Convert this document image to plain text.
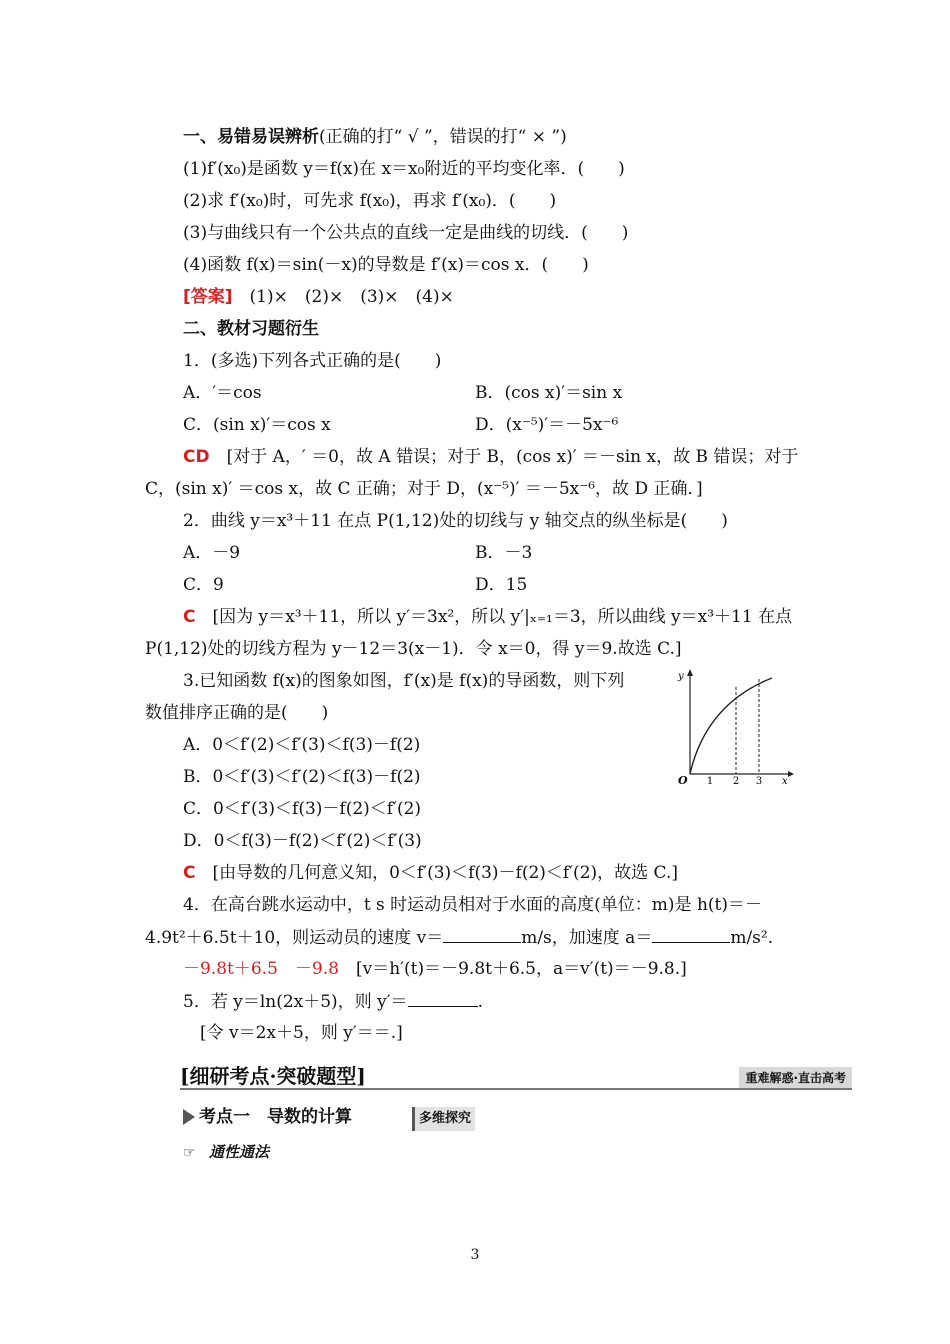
一、易错易误辨析(正确的打“ √ ”，错误的打“ × ”)
(1)f′(x₀)是函数 y＝f(x)在 x＝x₀附近的平均变化率．(　　)
(2)求 f′(x₀)时，可先求 f(x₀)，再求 f′(x₀)．(　　)
(3)与曲线只有一个公共点的直线一定是曲线的切线．(　　)
(4)函数 f(x)＝sin(－x)的导数是 f′(x)＝cos x．(　　)
[答案]　 (1)×　(2)×　(3)×　(4)×
二、教材习题衍生
1．(多选)下列各式正确的是(　　)
A．′＝cos	B．(cos x)′＝sin x
C．(sin x)′＝cos x	D．(x⁻⁵)′＝－5x⁻⁶
CD　 [对于 A，′ ＝0，故 A 错误；对于 B，(cos x)′ ＝－sin x，故 B 错误；对于
C，(sin x)′ ＝cos x，故 C 正确；对于 D，(x⁻⁵)′ ＝－5x⁻⁶，故 D 正确．]
2．曲线 y＝x³＋11 在点 P(1,12)处的切线与 y 轴交点的纵坐标是(　　)
A．－9	B．－3
C．9	D．15
C　 [因为 y＝x³＋11，所以 y′＝3x²，所以 y′|ₓ₌₁＝3，所以曲线 y＝x³＋11 在点
P(1,12)处的切线方程为 y－12＝3(x－1)．令 x＝0，得 y＝9.故选 C.]
3.已知函数 f(x)的图象如图，f′(x)是 f(x)的导函数，则下列
数值排序正确的是(　　)
A．0＜f′(2)＜f′(3)＜f(3)－f(2)
B．0＜f′(3)＜f′(2)＜f(3)－f(2)
C．0＜f′(3)＜f(3)－f(2)＜f′(2)
D．0＜f(3)－f(2)＜f′(2)＜f′(3)
C　 [由导数的几何意义知，0＜f′(3)＜f(3)－f(2)＜f′(2)，故选 C.]
y
x
O 1 2 3
4．在高台跳水运动中，t s 时运动员相对于水面的高度(单位：m)是 h(t)＝－
4.9t²＋6.5t＋10，则运动员的速度 v＝	m/s，加速度 a＝	m/s².
－9.8t＋6.5　－9.8　 [v＝h′(t)＝－9.8t＋6.5，a＝v′(t)＝－9.8.]
5．若 y＝ln(2x＋5)，则 y′＝	.
[令 v＝2x＋5，则 y′＝＝.]
[细研考点·突破题型]	重难解惑·直击高考
考点一　导数的计算	多维探究
☞ 通性通法
3
